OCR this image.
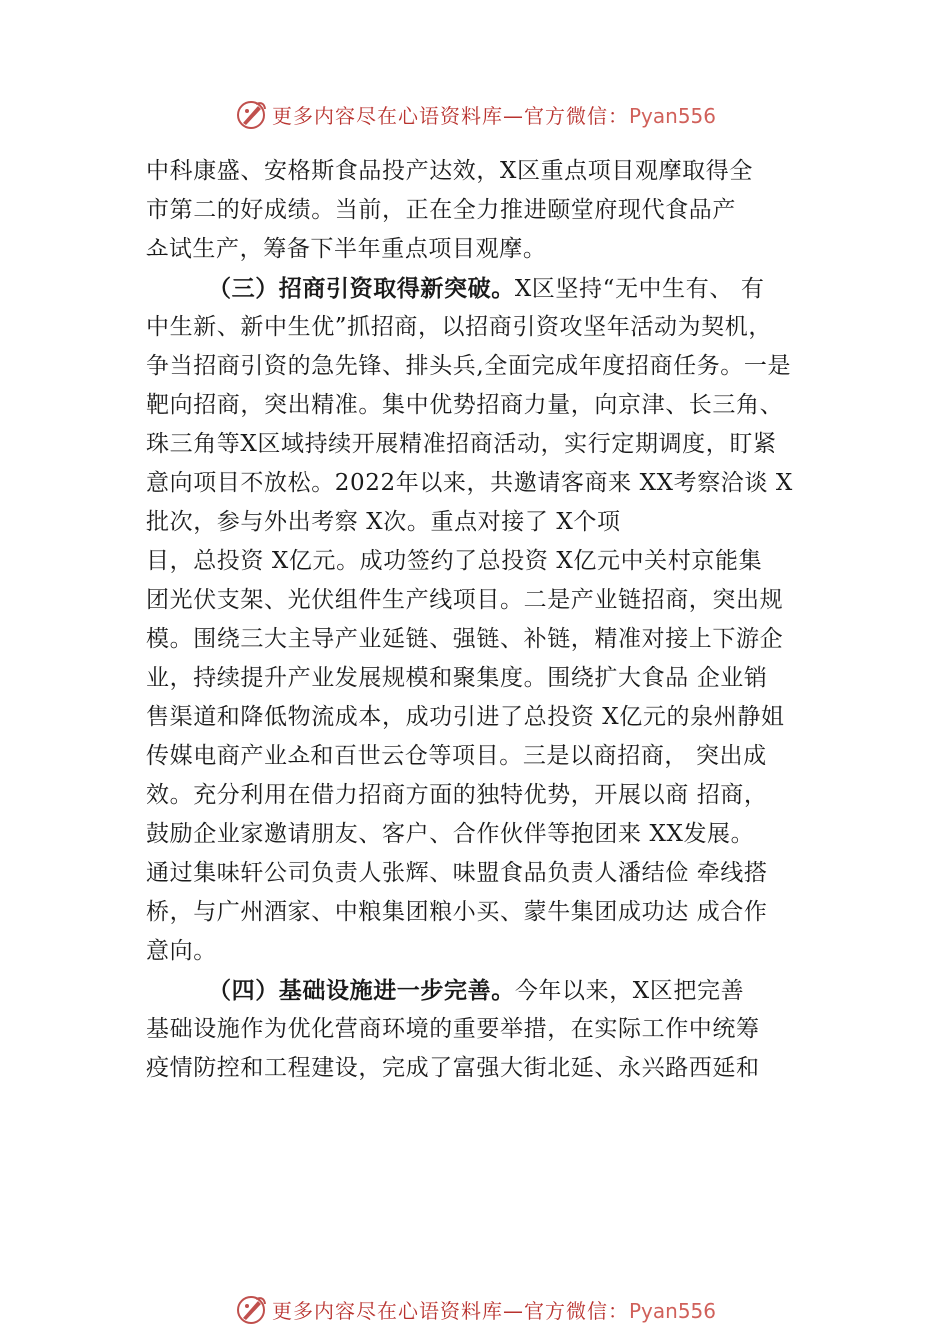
更多内容尽在心语资料库—官方微信：Pyan556
中科康盛、安格斯食品投产达效，X区重点项目观摩取得全
市第二的好成绩。当前，正在全力推进颐堂府现代食品产
쇼试生产，筹备下半年重点项目观摩。
（三）招商引资取得新突破。X区坚持“无中生有、 有
中生新、新中生优”抓招商，以招商引资攻坚年活动为契机，
争当招商引资的急先锋、排头兵,全面完成年度招商任务。一是
靶向招商，突出精准。集中优势招商力量，向京津、长三角、
珠三角等X区域持续开展精准招商活动，实行定期调度，盯紧
意向项目不放松。2022年以来，共邀请客商来 XX考察洽谈 X
批次，参与外出考察 X次。重点对接了 X个项
目，总投资 X亿元。成功签约了总投资 X亿元中关村京能集
团光伏支架、光伏组件生产线项目。二是产业链招商，突出规
模。围绕三大主导产业延链、强链、补链，精准对接上下游企
业，持续提升产业发展规模和聚集度。围绕扩大食品 企业销
售渠道和降低物流成本，成功引进了总投资 X亿元的泉州静姐
传媒电商产业쇼和百世云仓等项目。三是以商招商， 突出成
效。充分利用在借力招商方面的独特优势，开展以商 招商，
鼓励企业家邀请朋友、客户、合作伙伴等抱团来 XX发展。
通过集味轩公司负责人张辉、味盟食品负责人潘结俭 牵线搭
桥，与广州酒家、中粮集团粮小买、蒙牛集团成功达 成合作
意向。
（四）基础设施进一步完善。今年以来，X区把完善
基础设施作为优化营商环境的重要举措，在实际工作中统筹
疫情防控和工程建设，完成了富强大街北延、永兴路西延和
更多内容尽在心语资料库—官方微信：Pyan556
